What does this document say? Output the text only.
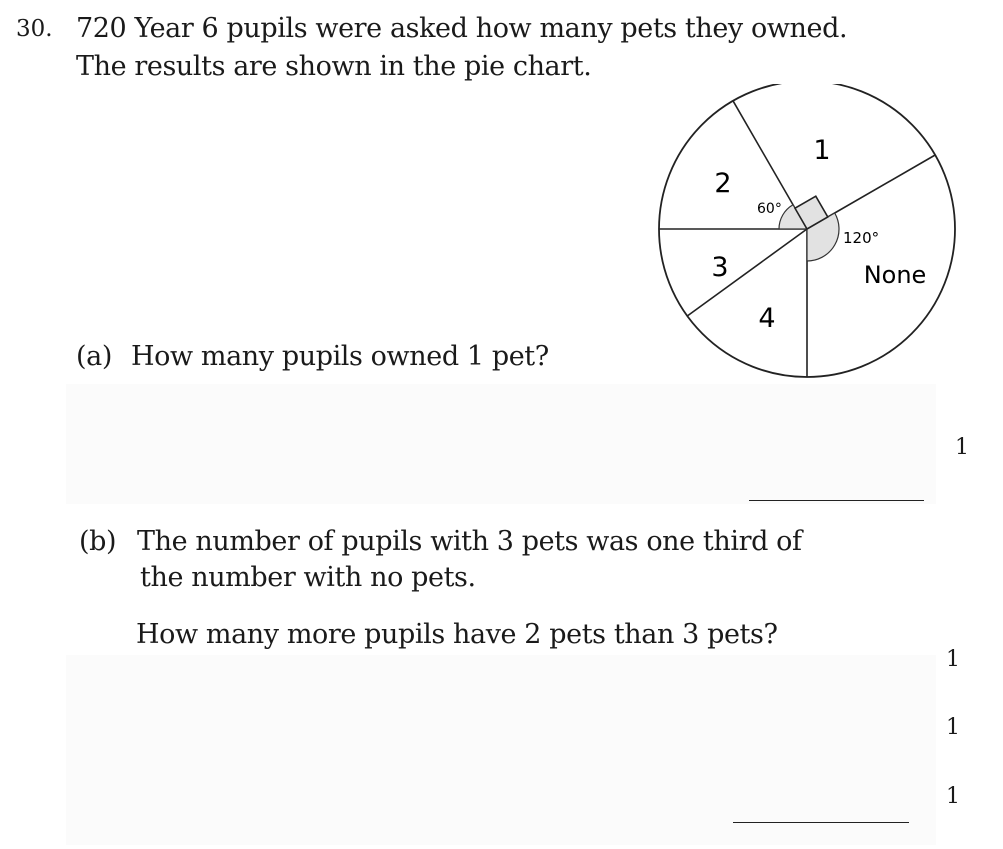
30. 720 Year 6 pupils were asked how many pets they owned.
The results are shown in the pie chart.
1
2
3
4
None
60°
120°
(a) How many pupils owned 1 pet?
1
(b) The number of pupils with 3 pets was one third of
the number with no pets.
How many more pupils have 2 pets than 3 pets?
1
1
1
